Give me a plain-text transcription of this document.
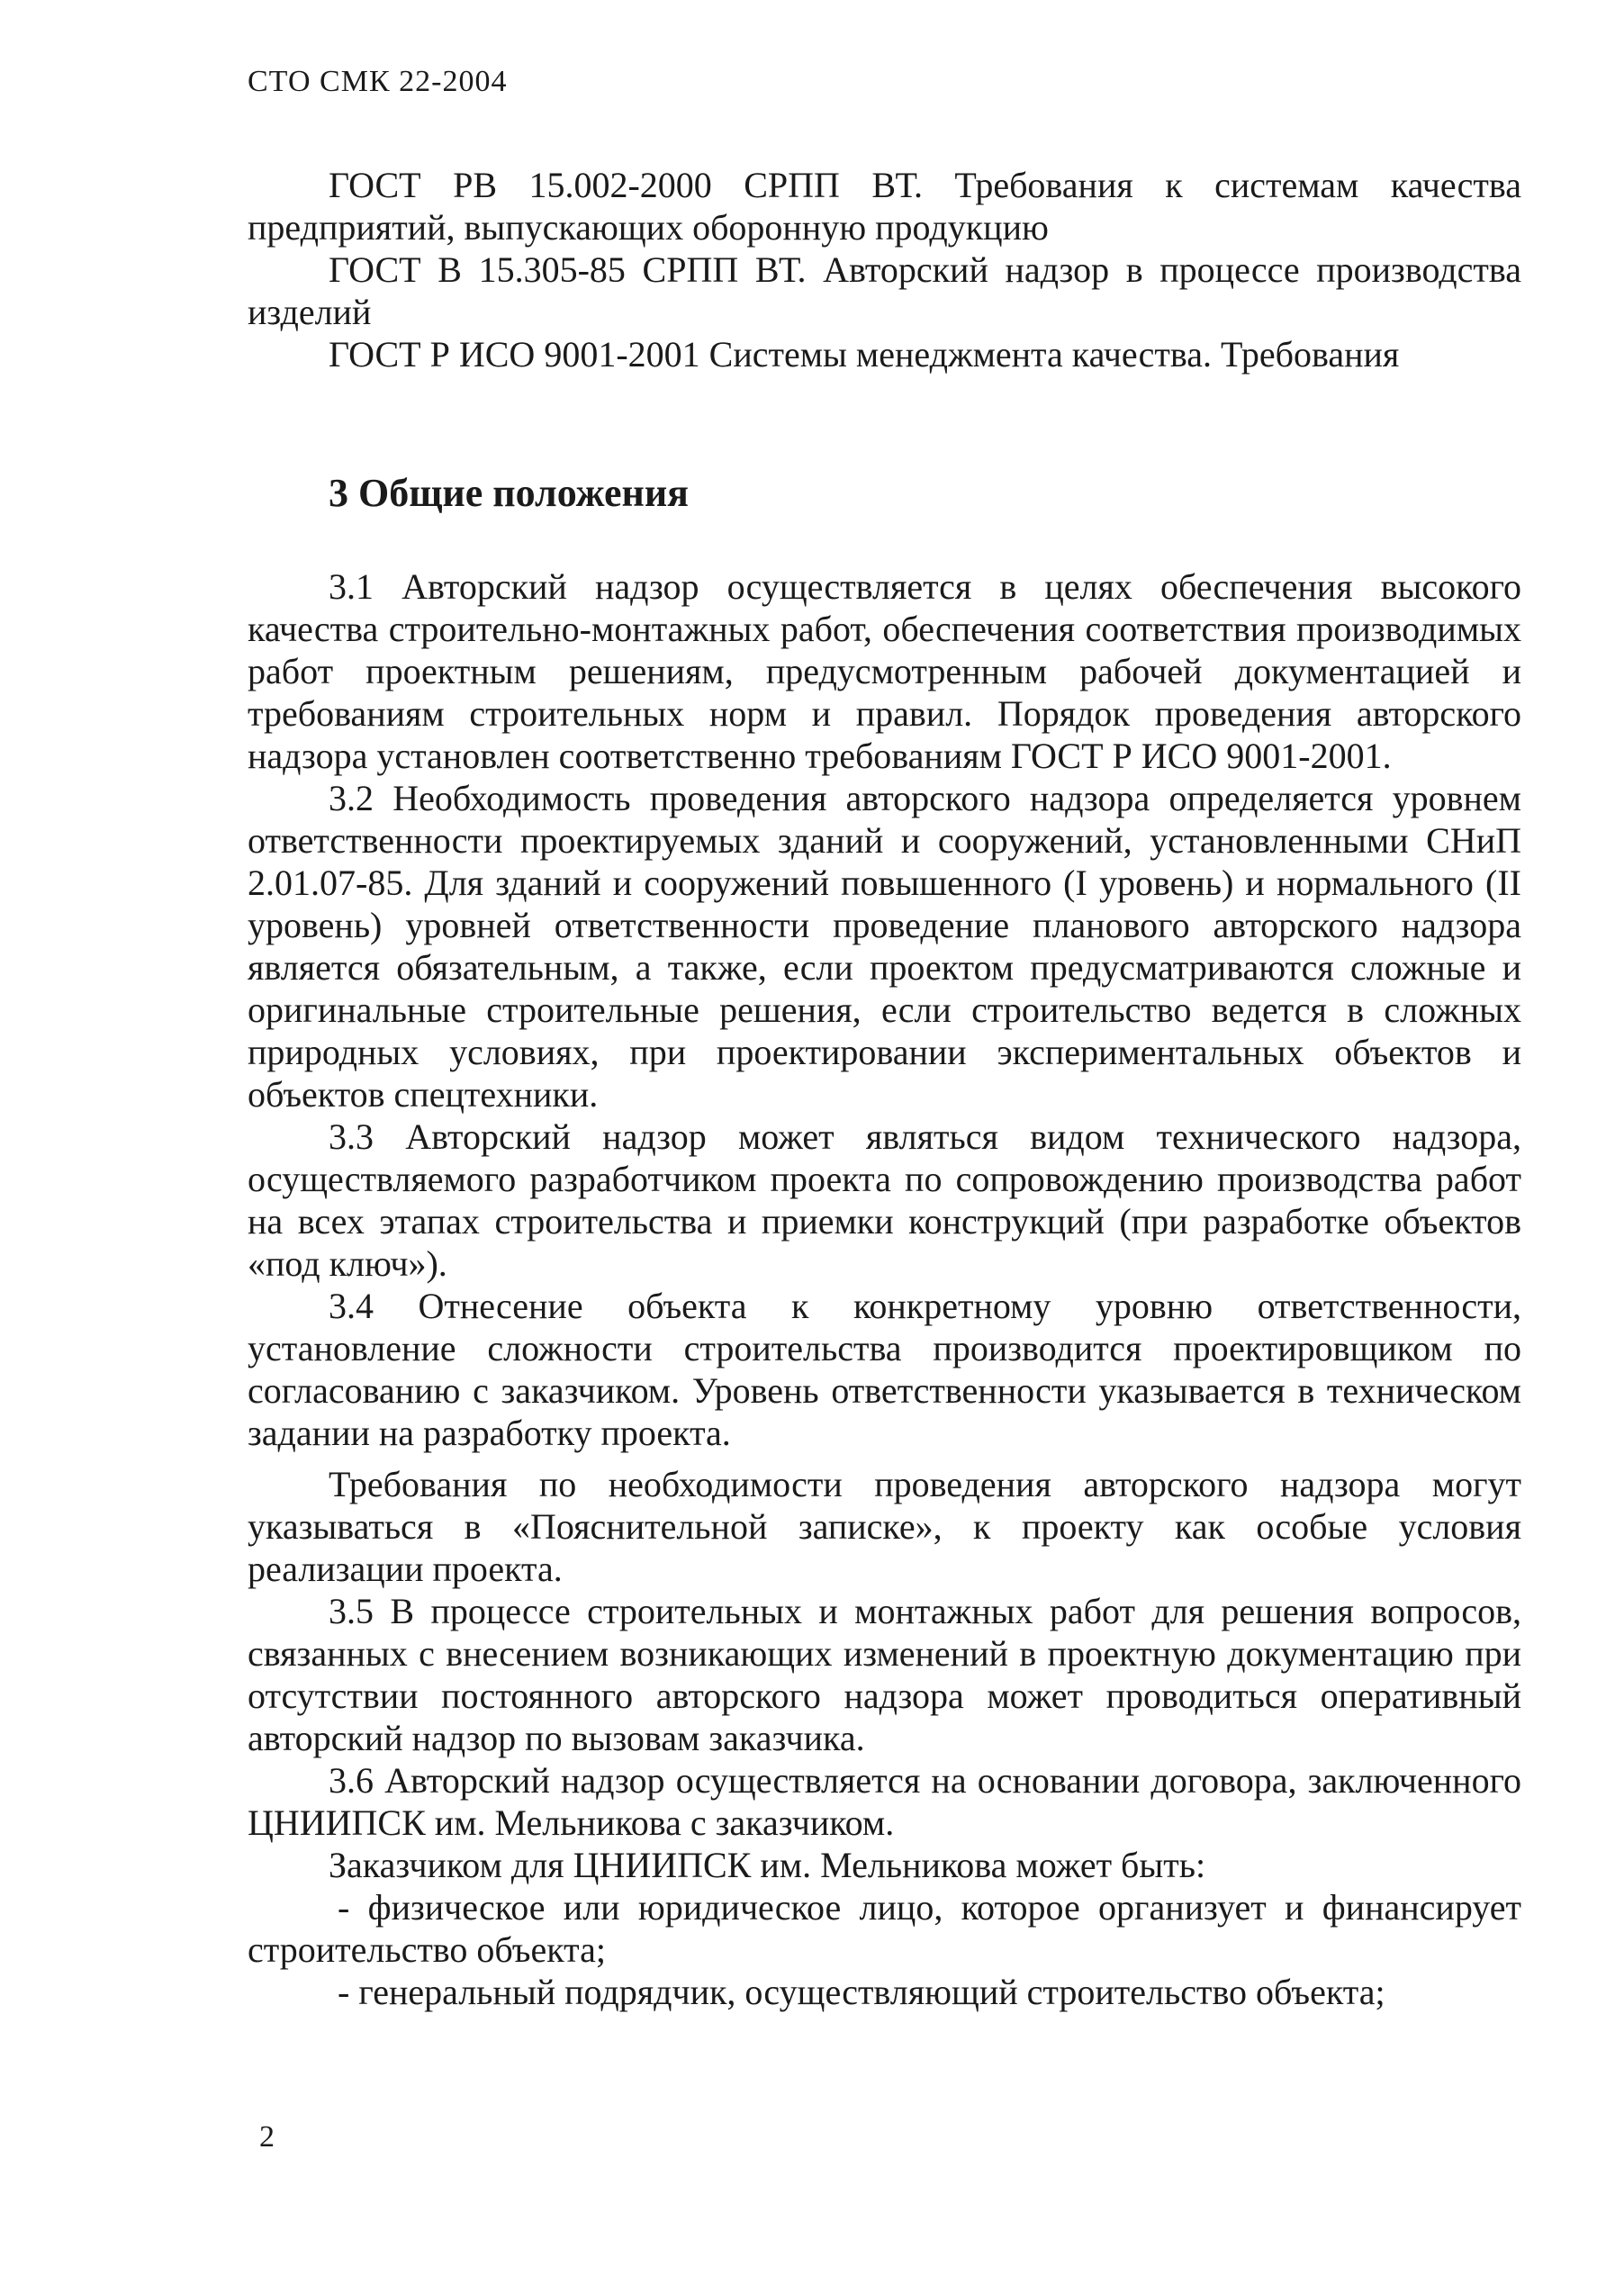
СТО СМК 22-2004

ГОСТ РВ 15.002-2000 СРПП ВТ. Требования к системам качества предприятий, выпускающих оборонную продукцию

ГОСТ В 15.305-85 СРПП ВТ. Авторский надзор в процессе производства изделий

ГОСТ Р ИСО 9001-2001 Системы менеджмента качества. Требования

3 Общие положения

3.1 Авторский надзор осуществляется в целях обеспечения высокого качества строительно-монтажных работ, обеспечения соответствия производимых работ проектным решениям, предусмотренным рабочей документацией и требованиям строительных норм и правил. Порядок проведения авторского надзора установлен соответственно требованиям ГОСТ Р ИСО 9001-2001.

3.2 Необходимость проведения авторского надзора определяется уровнем ответственности проектируемых зданий и сооружений, установленными СНиП 2.01.07-85. Для зданий и сооружений повышенного (I уровень) и нормального (II уровень) уровней ответственности проведение планового авторского надзора является обязательным, а также, если проектом предусматриваются сложные и оригинальные строительные решения, если строительство ведется в сложных природных условиях, при проектировании экспериментальных объектов и объектов спецтехники.

3.3 Авторский надзор может являться видом технического надзора, осуществляемого разработчиком проекта по сопровождению производства работ на всех этапах строительства и приемки конструкций (при разработке объектов «под ключ»).

3.4 Отнесение объекта к конкретному уровню ответственности, установление сложности строительства производится проектировщиком по согласованию с заказчиком. Уровень ответственности указывается в техническом задании на разработку проекта.

Требования по необходимости проведения авторского надзора могут указываться в «Пояснительной записке», к проекту как особые условия реализации проекта.

3.5 В процессе строительных и монтажных работ для решения вопросов, связанных с внесением возникающих изменений в проектную документацию при отсутствии постоянного авторского надзора может проводиться оперативный авторский надзор по вызовам заказчика.

3.6 Авторский надзор осуществляется на основании договора, заключенного ЦНИИПСК им. Мельникова с заказчиком.

Заказчиком для ЦНИИПСК им. Мельникова может быть:

- физическое или юридическое лицо, которое организует и финансирует строительство объекта;

- генеральный подрядчик, осуществляющий строительство объекта;

2
